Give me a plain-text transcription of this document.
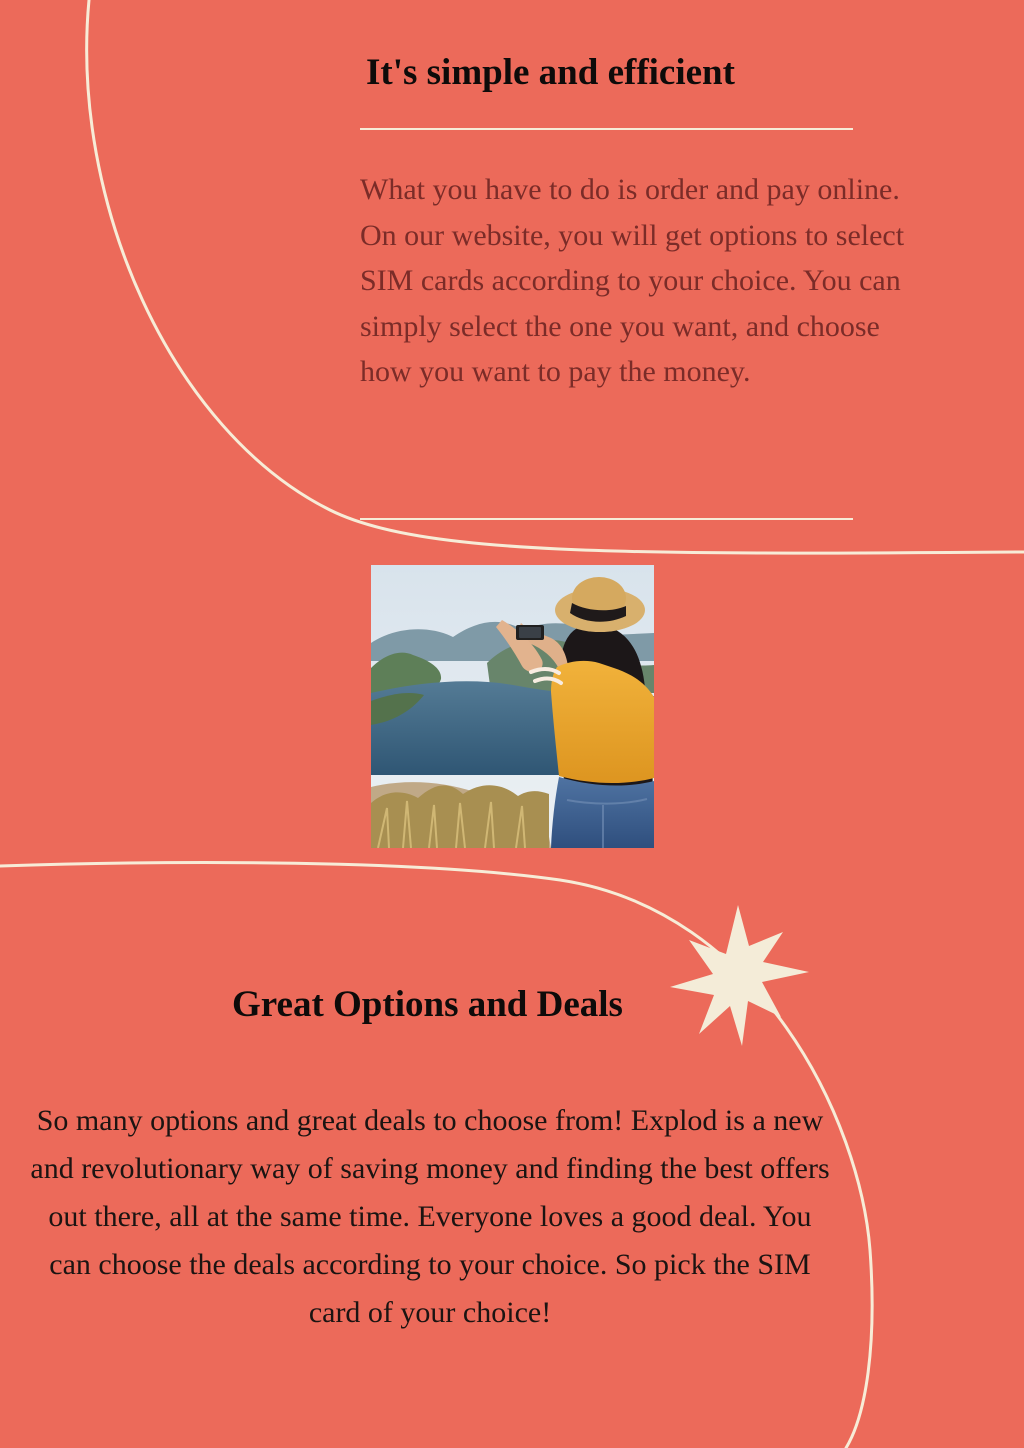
It's simple and efficient

What you have to do is order and pay online. On our website, you will get options to select SIM cards according to your choice. You can simply select the one you want, and choose how you want to pay the money.

Great Options and Deals

So many options and great deals to choose from! Explod is a new and revolutionary way of saving money and finding the best offers out there, all at the same time. Everyone loves a good deal. You can choose the deals according to your choice. So pick the SIM card of your choice!
